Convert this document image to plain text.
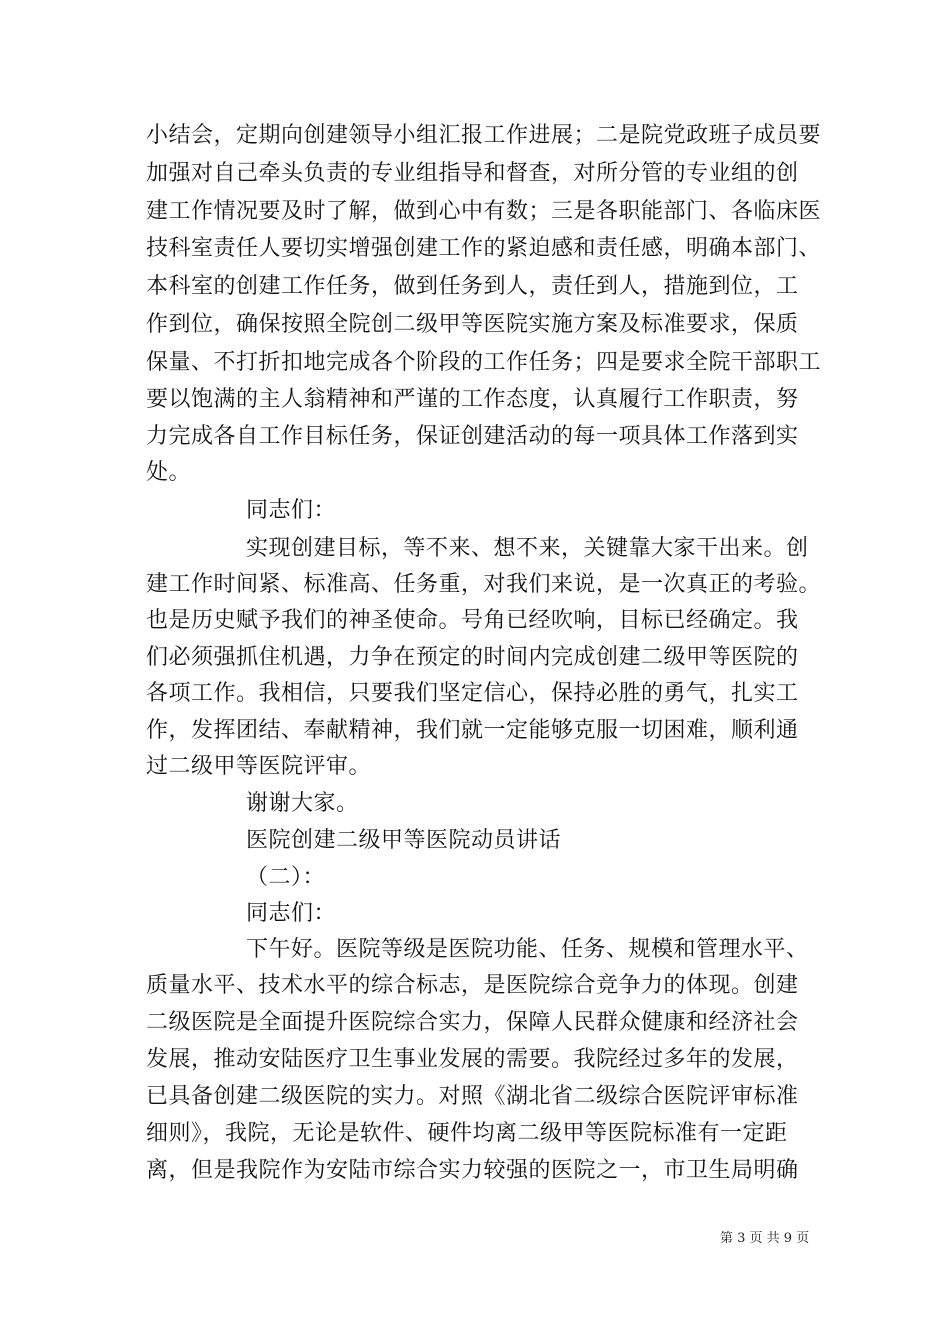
小结会，定期向创建领导小组汇报工作进展；二是院党政班子成员要
加强对自己牵头负责的专业组指导和督查，对所分管的专业组的创
建工作情况要及时了解，做到心中有数；三是各职能部门、各临床医
技科室责任人要切实增强创建工作的紧迫感和责任感，明确本部门、
本科室的创建工作任务，做到任务到人，责任到人，措施到位，工
作到位，确保按照全院创二级甲等医院实施方案及标准要求，保质
保量、不打折扣地完成各个阶段的工作任务；四是要求全院干部职工
要以饱满的主人翁精神和严谨的工作态度，认真履行工作职责，努
力完成各自工作目标任务，保证创建活动的每一项具体工作落到实
处。
同志们：
实现创建目标，等不来、想不来，关键靠大家干出来。创
建工作时间紧、标准高、任务重，对我们来说，是一次真正的考验。
也是历史赋予我们的神圣使命。号角已经吹响，目标已经确定。我
们必须强抓住机遇，力争在预定的时间内完成创建二级甲等医院的
各项工作。我相信，只要我们坚定信心，保持必胜的勇气，扎实工
作，发挥团结、奉献精神，我们就一定能够克服一切困难，顺利通
过二级甲等医院评审。
谢谢大家。
医院创建二级甲等医院动员讲话
（二）：
同志们：
下午好。医院等级是医院功能、任务、规模和管理水平、
质量水平、技术水平的综合标志，是医院综合竞争力的体现。创建
二级医院是全面提升医院综合实力，保障人民群众健康和经济社会
发展，推动安陆医疗卫生事业发展的需要。我院经过多年的发展，
已具备创建二级医院的实力。对照《湖北省二级综合医院评审标准
细则》，我院，无论是软件、硬件均离二级甲等医院标准有一定距
离，但是我院作为安陆市综合实力较强的医院之一，市卫生局明确
第 3 页 共 9 页
